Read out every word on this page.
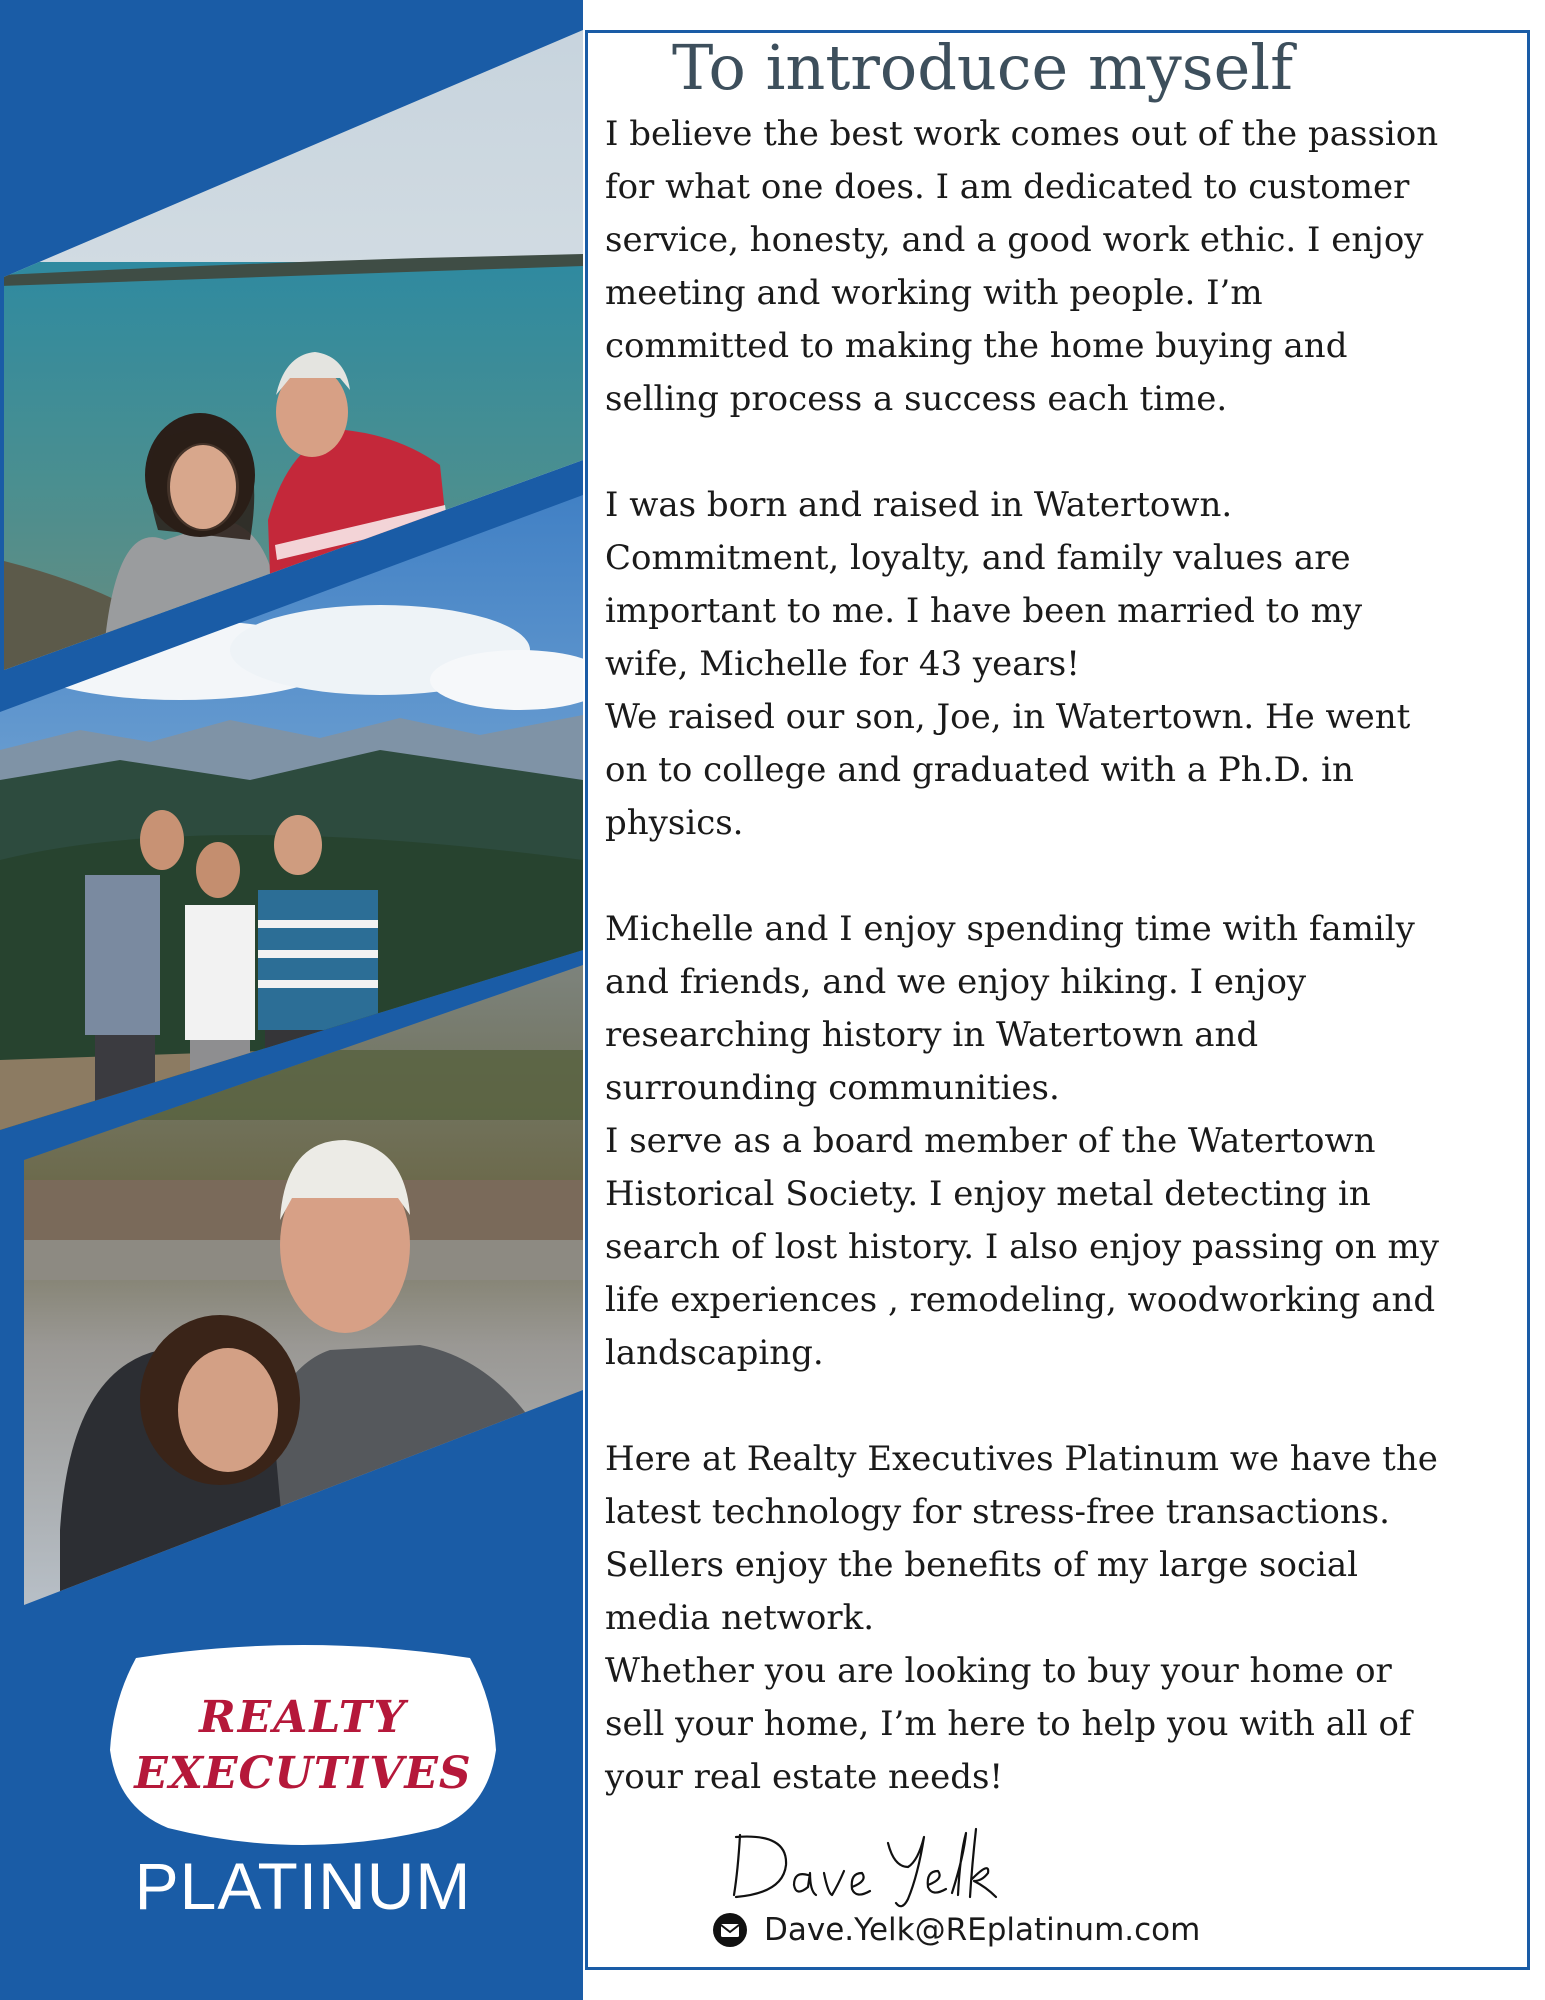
REALTY
EXECUTIVES
PLATINUM
To introduce myself

I believe the best work comes out of the passion
for what one does. I am dedicated to customer
service, honesty, and a good work ethic. I enjoy
meeting and working with people. I’m
committed to making the home buying and
selling process a success each time.

I was born and raised in Watertown.
Commitment, loyalty, and family values are
important to me. I have been married to my
wife, Michelle for 43 years!
We raised our son, Joe, in Watertown. He went
on to college and graduated with a Ph.D. in
physics.

Michelle and I enjoy spending time with family
and friends, and we enjoy hiking. I enjoy
researching history in Watertown and
surrounding communities.
I serve as a board member of the Watertown
Historical Society. I enjoy metal detecting in
search of lost history. I also enjoy passing on my
life experiences , remodeling, woodworking and
landscaping.

Here at Realty Executives Platinum we have the
latest technology for stress-free transactions.
Sellers enjoy the benefits of my large social
media network.
Whether you are looking to buy your home or
sell your home, I’m here to help you with all of
your real estate needs!

Dave.Yelk@REplatinum.com
